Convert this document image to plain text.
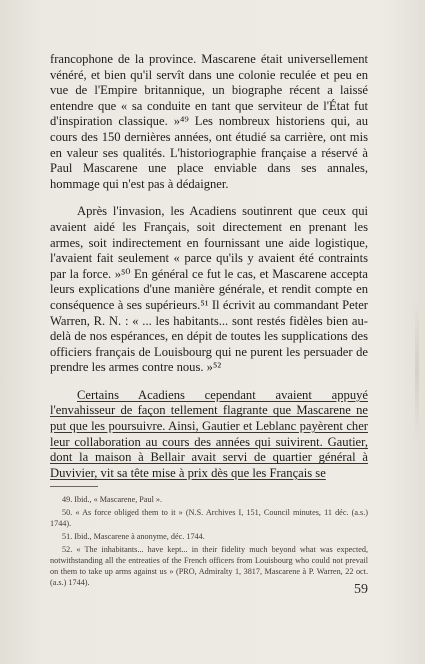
francophone de la province. Mascarene était universellement vénéré, et bien qu'il servît dans une colonie reculée et peu en vue de l'Empire britannique, un biographe récent a laissé entendre que « sa conduite en tant que serviteur de l'État fut d'inspiration classique. »⁴⁹ Les nombreux historiens qui, au cours des 150 dernières années, ont étudié sa carrière, ont mis en valeur ses qualités. L'historiographie française a réservé à Paul Mascarene une place enviable dans ses annales, hommage qui n'est pas à dédaigner.

Après l'invasion, les Acadiens soutinrent que ceux qui avaient aidé les Français, soit directement en prenant les armes, soit indirectement en fournissant une aide logistique, l'avaient fait seulement « parce qu'ils y avaient été contraints par la force. »⁵⁰ En général ce fut le cas, et Mascarene accepta leurs explications d'une manière générale, et rendit compte en conséquence à ses supérieurs.⁵¹ Il écrivit au commandant Peter Warren, R. N. : « ... les habitants... sont restés fidèles bien au-delà de nos espérances, en dépit de toutes les supplications des officiers français de Louisbourg qui ne purent les persuader de prendre les armes contre nous. »⁵²

Certains Acadiens cependant avaient appuyé l'envahisseur de façon tellement flagrante que Mascarene ne put que les poursuivre. Ainsi, Gautier et Leblanc payèrent cher leur collaboration au cours des années qui suivirent. Gautier, dont la maison à Bellair avait servi de quartier général à Duvivier, vit sa tête mise à prix dès que les Français se

49. Ibid., « Mascarene, Paul ».

50. « As force obliged them to it » (N.S. Archives I, 151, Council minutes, 11 déc. (a.s.) 1744).

51. Ibid., Mascarene à anonyme, déc. 1744.

52. « The inhabitants... have kept... in their fidelity much beyond what was expected, notwithstanding all the entreaties of the French officers from Louisbourg who could not prevail on them to take up arms against us » (PRO, Admiralty 1, 3817, Mascarene à P. Warren, 22 oct. (a.s.) 1744).	59
